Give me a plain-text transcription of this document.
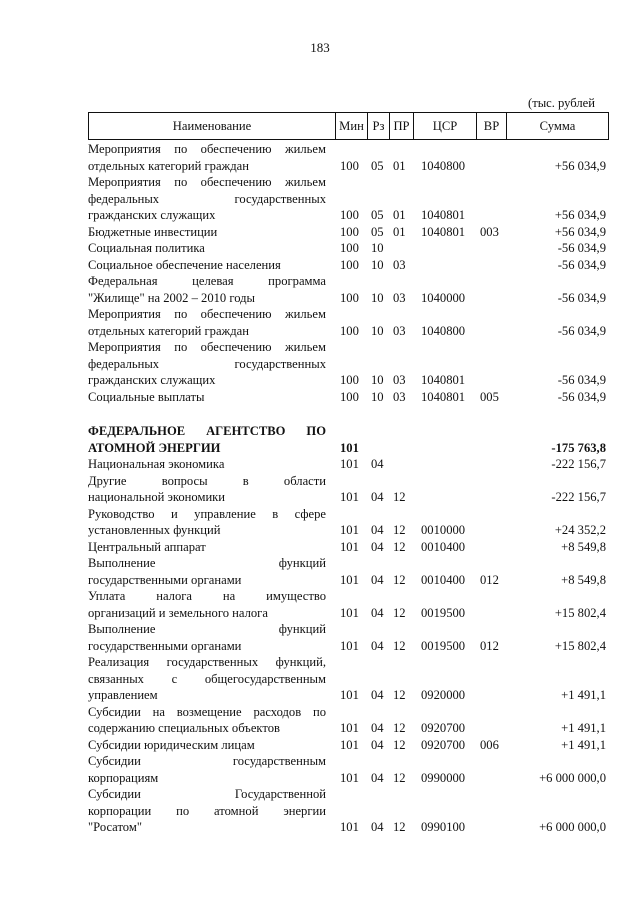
183
(тыс. рублей
Наименование	Мин	Рз	ПР	ЦСР	ВР	Сумма
Мероприятия по обеспечению жильем
отдельных категорий граждан	100 05 01 1040800	+56 034,9
Мероприятия по обеспечению жильем
федеральных государственных
гражданских служащих	100 05 01 1040801	+56 034,9
Бюджетные инвестиции	100 05 01 1040801 003	+56 034,9
Социальная политика	100 10	-56 034,9
Социальное обеспечение населения	100 10 03	-56 034,9
Федеральная целевая программа
"Жилище" на 2002 – 2010 годы	100 10 03 1040000	-56 034,9
Мероприятия по обеспечению жильем
отдельных категорий граждан	100 10 03 1040800	-56 034,9
Мероприятия по обеспечению жильем
федеральных государственных
гражданских служащих	100 10 03 1040801	-56 034,9
Социальные выплаты	100 10 03 1040801 005	-56 034,9
ФЕДЕРАЛЬНОЕ АГЕНТСТВО ПО
АТОМНОЙ ЭНЕРГИИ	101	-175 763,8
Национальная экономика	101 04	-222 156,7
Другие вопросы в области
национальной экономики	101 04 12	-222 156,7
Руководство и управление в сфере
установленных функций	101 04 12 0010000	+24 352,2
Центральный аппарат	101 04 12 0010400	+8 549,8
Выполнение функций
государственными органами	101 04 12 0010400 012	+8 549,8
Уплата налога на имущество
организаций и земельного налога	101 04 12 0019500	+15 802,4
Выполнение функций
государственными органами	101 04 12 0019500 012	+15 802,4
Реализация государственных функций,
связанных с общегосударственным
управлением	101 04 12 0920000	+1 491,1
Субсидии на возмещение расходов по
содержанию специальных объектов	101 04 12 0920700	+1 491,1
Субсидии юридическим лицам	101 04 12 0920700 006	+1 491,1
Субсидии государственным
корпорациям	101 04 12 0990000	+6 000 000,0
Субсидии Государственной
корпорации по атомной энергии
"Росатом"	101 04 12 0990100	+6 000 000,0
